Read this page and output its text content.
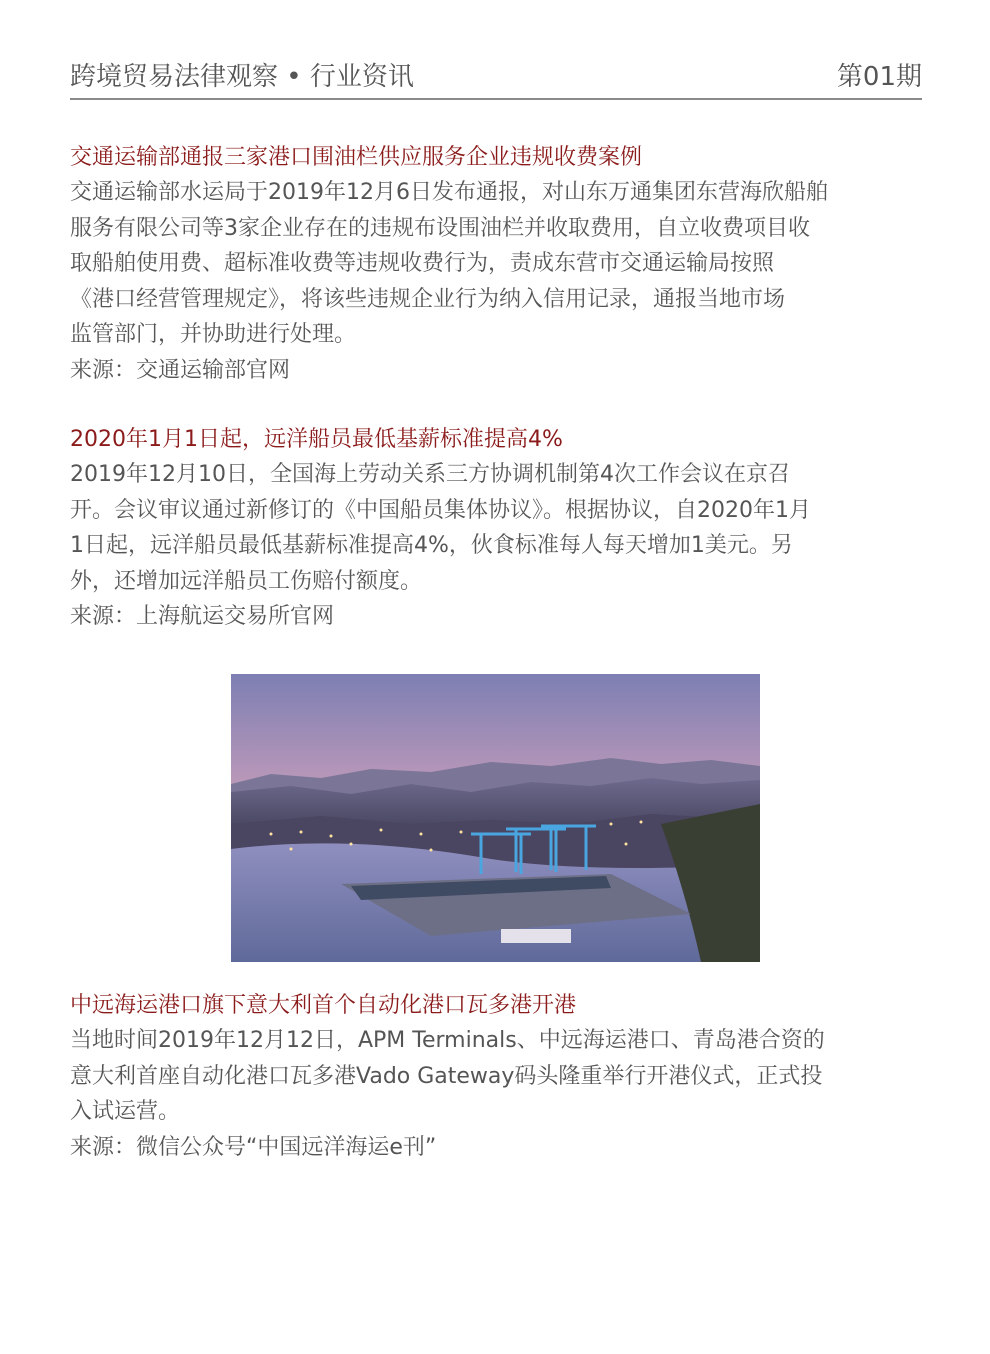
跨境贸易法律观察 • 行业资讯	第01期
交通运输部通报三家港口围油栏供应服务企业违规收费案例
交通运输部水运局于2019年12月6日发布通报，对山东万通集团东营海欣船舶
服务有限公司等3家企业存在的违规布设围油栏并收取费用，自立收费项目收
取船舶使用费、超标准收费等违规收费行为，责成东营市交通运输局按照
《港口经营管理规定》，将该些违规企业行为纳入信用记录，通报当地市场
监管部门，并协助进行处理。
来源：交通运输部官网
2020年1月1日起，远洋船员最低基薪标准提高4%
2019年12月10日，全国海上劳动关系三方协调机制第4次工作会议在京召
开。会议审议通过新修订的《中国船员集体协议》。根据协议，自2020年1月
1日起，远洋船员最低基薪标准提高4%，伙食标准每人每天增加1美元。另
外，还增加远洋船员工伤赔付额度。
来源：上海航运交易所官网
中远海运港口旗下意大利首个自动化港口瓦多港开港
当地时间2019年12月12日，APM Terminals、中远海运港口、青岛港合资的
意大利首座自动化港口瓦多港Vado Gateway码头隆重举行开港仪式，正式投
入试运营。
来源：微信公众号“中国远洋海运e刊”
